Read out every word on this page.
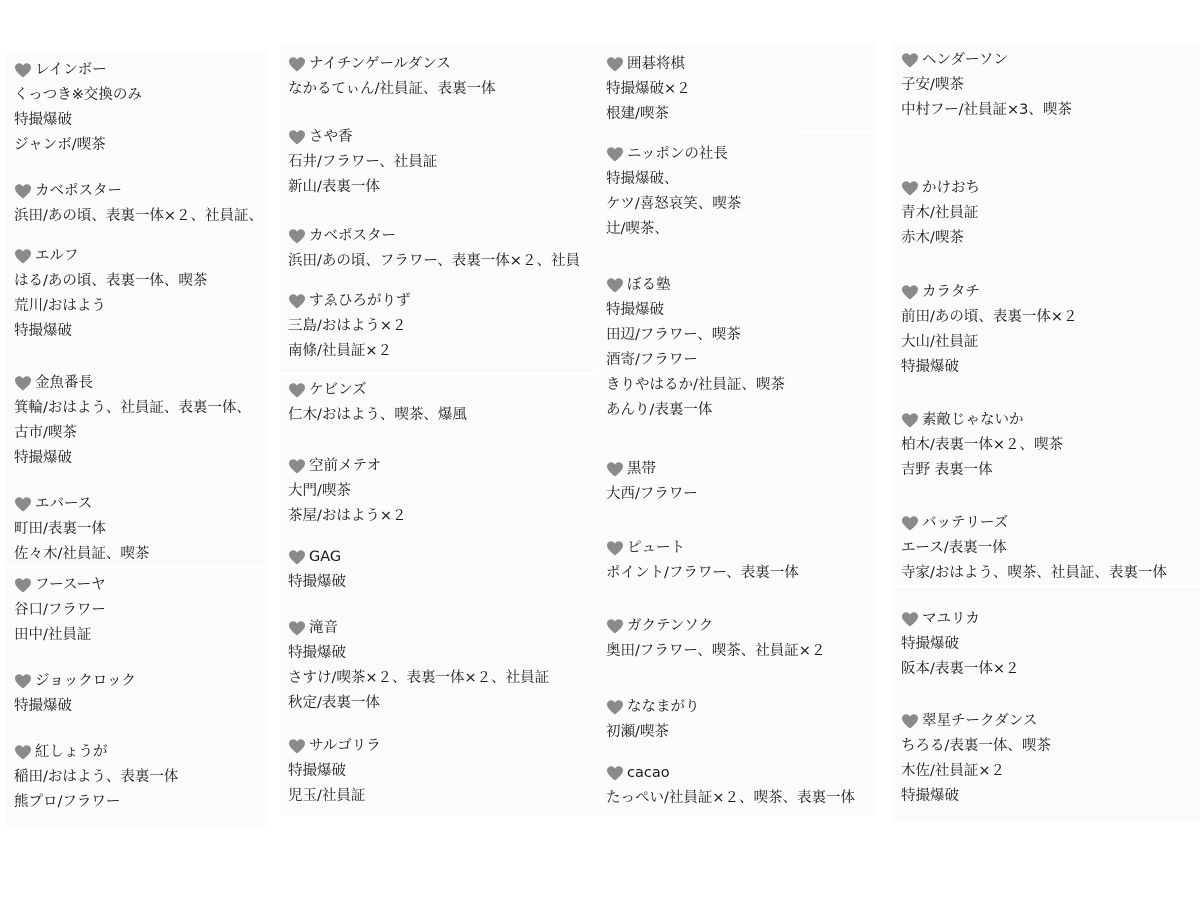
レインボー
くっつき※交換のみ
特撮爆破
ジャンボ/喫茶
カベポスター
浜田/あの頃、表裏一体×２、社員証、
エルフ
はる/あの頃、表裏一体、喫茶
荒川/おはよう
特撮爆破
金魚番長
箕輪/おはよう、社員証、表裏一体、
古市/喫茶
特撮爆破
エバース
町田/表裏一体
佐々木/社員証、喫茶
フースーヤ
谷口/フラワー
田中/社員証
ジョックロック
特撮爆破
紅しょうが
稲田/おはよう、表裏一体
熊プロ/フラワー
ナイチンゲールダンス
なかるてぃん/社員証、表裏一体
さや香
石井/フラワー、社員証
新山/表裏一体
カベポスター
浜田/あの頃、フラワー、表裏一体×２、社員
すゑひろがりず
三島/おはよう×２
南條/社員証×２
ケビンズ
仁木/おはよう、喫茶、爆風
空前メテオ
大門/喫茶
茶屋/おはよう×２
GAG
特撮爆破
滝音
特撮爆破
さすけ/喫茶×２、表裏一体×２、社員証
秋定/表裏一体
サルゴリラ
特撮爆破
児玉/社員証
囲碁将棋
特撮爆破×２
根建/喫茶
ニッポンの社長
特撮爆破、
ケツ/喜怒哀笑、喫茶
辻/喫茶、
ぼる塾
特撮爆破
田辺/フラワー、喫茶
酒寄/フラワー
きりやはるか/社員証、喫茶
あんり/表裏一体
黒帯
大西/フラワー
ピュート
ポイント/フラワー、表裏一体
ガクテンソク
奥田/フラワー、喫茶、社員証×２
ななまがり
初瀬/喫茶
cacao
たっぺい/社員証×２、喫茶、表裏一体
ヘンダーソン
子安/喫茶
中村フー/社員証×3、喫茶
かけおち
青木/社員証
赤木/喫茶
カラタチ
前田/あの頃、表裏一体×２
大山/社員証
特撮爆破
素敵じゃないか
柏木/表裏一体×２、喫茶
吉野 表裏一体
バッテリーズ
エース/表裏一体
寺家/おはよう、喫茶、社員証、表裏一体
マユリカ
特撮爆破
阪本/表裏一体×２
翠星チークダンス
ちろる/表裏一体、喫茶
木佐/社員証×２
特撮爆破
